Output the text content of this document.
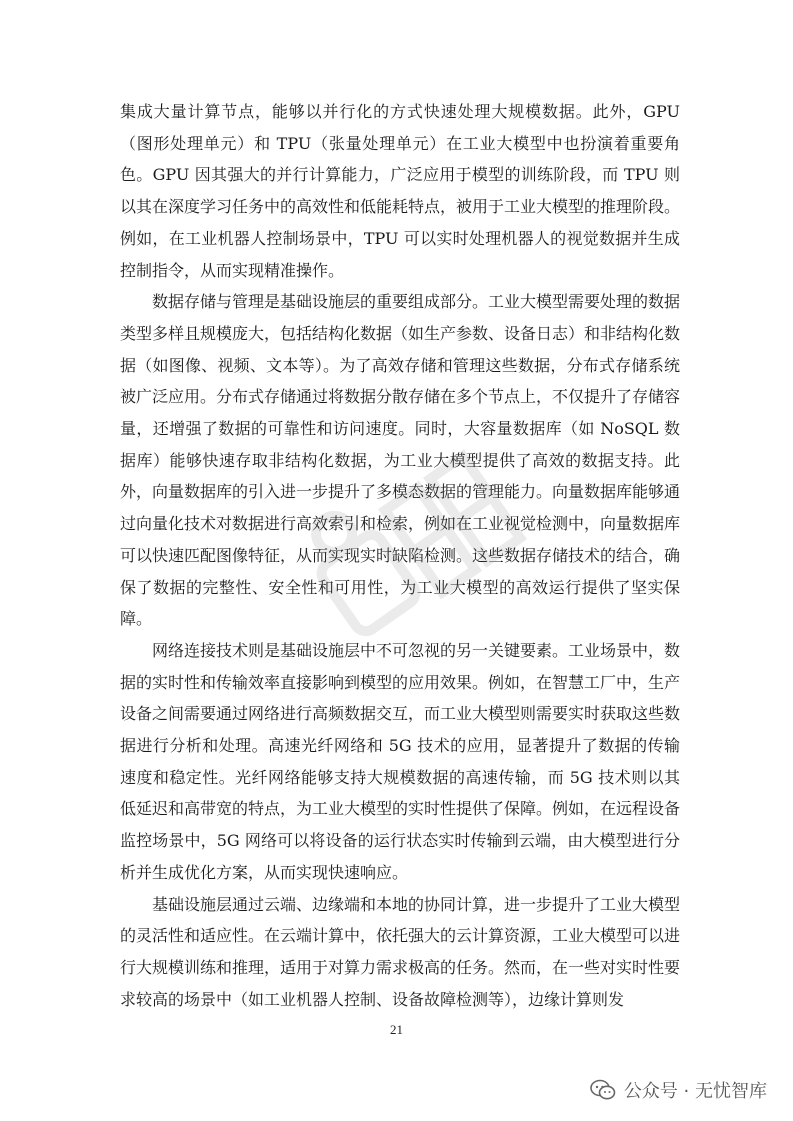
集成大量计算节点，能够以并行化的方式快速处理大规模数据。此外，GPU（图形处理单元）和 TPU（张量处理单元）在工业大模型中也扮演着重要角色。GPU 因其强大的并行计算能力，广泛应用于模型的训练阶段，而 TPU 则以其在深度学习任务中的高效性和低能耗特点，被用于工业大模型的推理阶段。例如，在工业机器人控制场景中，TPU 可以实时处理机器人的视觉数据并生成控制指令，从而实现精准操作。

数据存储与管理是基础设施层的重要组成部分。工业大模型需要处理的数据类型多样且规模庞大，包括结构化数据（如生产参数、设备日志）和非结构化数据（如图像、视频、文本等）。为了高效存储和管理这些数据，分布式存储系统被广泛应用。分布式存储通过将数据分散存储在多个节点上，不仅提升了存储容量，还增强了数据的可靠性和访问速度。同时，大容量数据库（如 NoSQL 数据库）能够快速存取非结构化数据，为工业大模型提供了高效的数据支持。此外，向量数据库的引入进一步提升了多模态数据的管理能力。向量数据库能够通过向量化技术对数据进行高效索引和检索，例如在工业视觉检测中，向量数据库可以快速匹配图像特征，从而实现实时缺陷检测。这些数据存储技术的结合，确保了数据的完整性、安全性和可用性，为工业大模型的高效运行提供了坚实保障。

网络连接技术则是基础设施层中不可忽视的另一关键要素。工业场景中，数据的实时性和传输效率直接影响到模型的应用效果。例如，在智慧工厂中，生产设备之间需要通过网络进行高频数据交互，而工业大模型则需要实时获取这些数据进行分析和处理。高速光纤网络和 5G 技术的应用，显著提升了数据的传输速度和稳定性。光纤网络能够支持大规模数据的高速传输，而 5G 技术则以其低延迟和高带宽的特点，为工业大模型的实时性提供了保障。例如，在远程设备监控场景中，5G 网络可以将设备的运行状态实时传输到云端，由大模型进行分析并生成优化方案，从而实现快速响应。

基础设施层通过云端、边缘端和本地的协同计算，进一步提升了工业大模型的灵活性和适应性。在云端计算中，依托强大的云计算资源，工业大模型可以进行大规模训练和推理，适用于对算力需求极高的任务。然而，在一些对实时性要求较高的场景中（如工业机器人控制、设备故障检测等），边缘计算则发

21
公众号 · 无忧智库
